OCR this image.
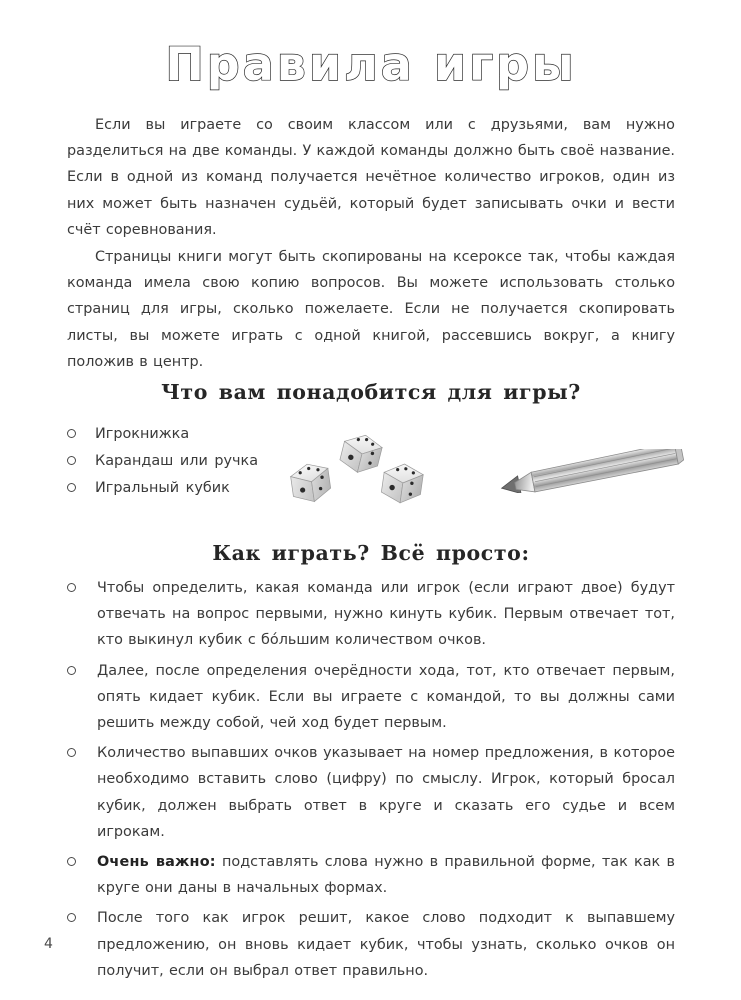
Правила игры

Если вы играете со своим классом или с друзьями, вам нужно разделиться на две команды. У каждой команды должно быть своё название. Если в одной из команд получается нечётное количество игроков, один из них может быть назначен судьёй, который будет записывать очки и вести счёт соревнования.

Страницы книги могут быть скопированы на ксероксе так, чтобы каждая команда имела свою копию вопросов. Вы можете использовать столько страниц для игры, сколько пожелаете. Если не получается скопировать листы, вы можете играть с одной книгой, рассевшись вокруг, а книгу положив в центр.

Что вам понадобится для игры?
Игрокнижка
Карандаш или ручка
Игральный кубик
Как играть? Всё просто:
Чтобы определить, какая команда или игрок (если играют двое) будут отвечать на вопрос первыми, нужно кинуть кубик. Первым отвечает тот, кто выкинул кубик с бóльшим количеством очков.
Далее, после определения очерёдности хода, тот, кто отвечает первым, опять кидает кубик. Если вы играете с командой, то вы должны сами решить между собой, чей ход будет первым.
Количество выпавших очков указывает на номер предложения, в которое необходимо вставить слово (цифру) по смыслу. Игрок, который бросал кубик, должен выбрать ответ в круге и сказать его судье и всем игрокам.
Очень важно: подставлять слова нужно в правильной форме, так как в круге они даны в начальных формах.
После того как игрок решит, какое слово подходит к выпавшему предложению, он вновь кидает кубик, чтобы узнать, сколько очков он получит, если он выбрал ответ правильно.
4
